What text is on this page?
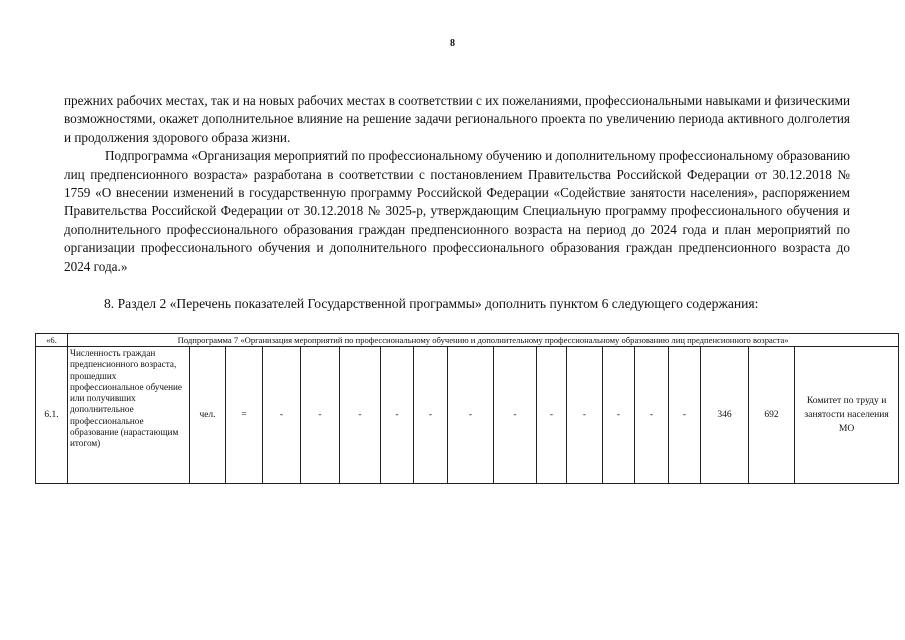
8

прежних рабочих местах, так и на новых рабочих местах в соответствии с их пожеланиями, профессиональными навыками и физическими возможностями, окажет дополнительное влияние на решение задачи регионального проекта по увеличению периода активного долголетия и продолжения здорового образа жизни.

Подпрограмма «Организация мероприятий по профессиональному обучению и дополнительному профессиональному образованию лиц предпенсионного возраста» разработана в соответствии с постановлением Правительства Российской Федерации от 30.12.2018 № 1759 «О внесении изменений в государственную программу Российской Федерации «Содействие занятости населения», распоряжением Правительства Российской Федерации от 30.12.2018 № 3025-р, утверждающим Специальную программу профессионального обучения и дополнительного профессионального образования граждан предпенсионного возраста на период до 2024 года и план мероприятий по организации профессионального обучения и дополнительного профессионального образования граждан предпенсионного возраста до 2024 года.»

8. Раздел 2 «Перечень показателей Государственной программы» дополнить пунктом 6 следующего содержания:

«6.	Подпрограмма 7 «Организация мероприятий по профессиональному обучению и дополнительному профессиональному образованию лиц предпенсионного возраста»																	
6.1.	Численность граждан предпенсионного возраста, прошедших профессиональное обучение или получивших дополнительное профессиональное образование (нарастающим итогом)	чел.	=	-	-	-	-	-	-	-	-	-	-	-	-	346	692	Комитет по труду и занятости населения МО
